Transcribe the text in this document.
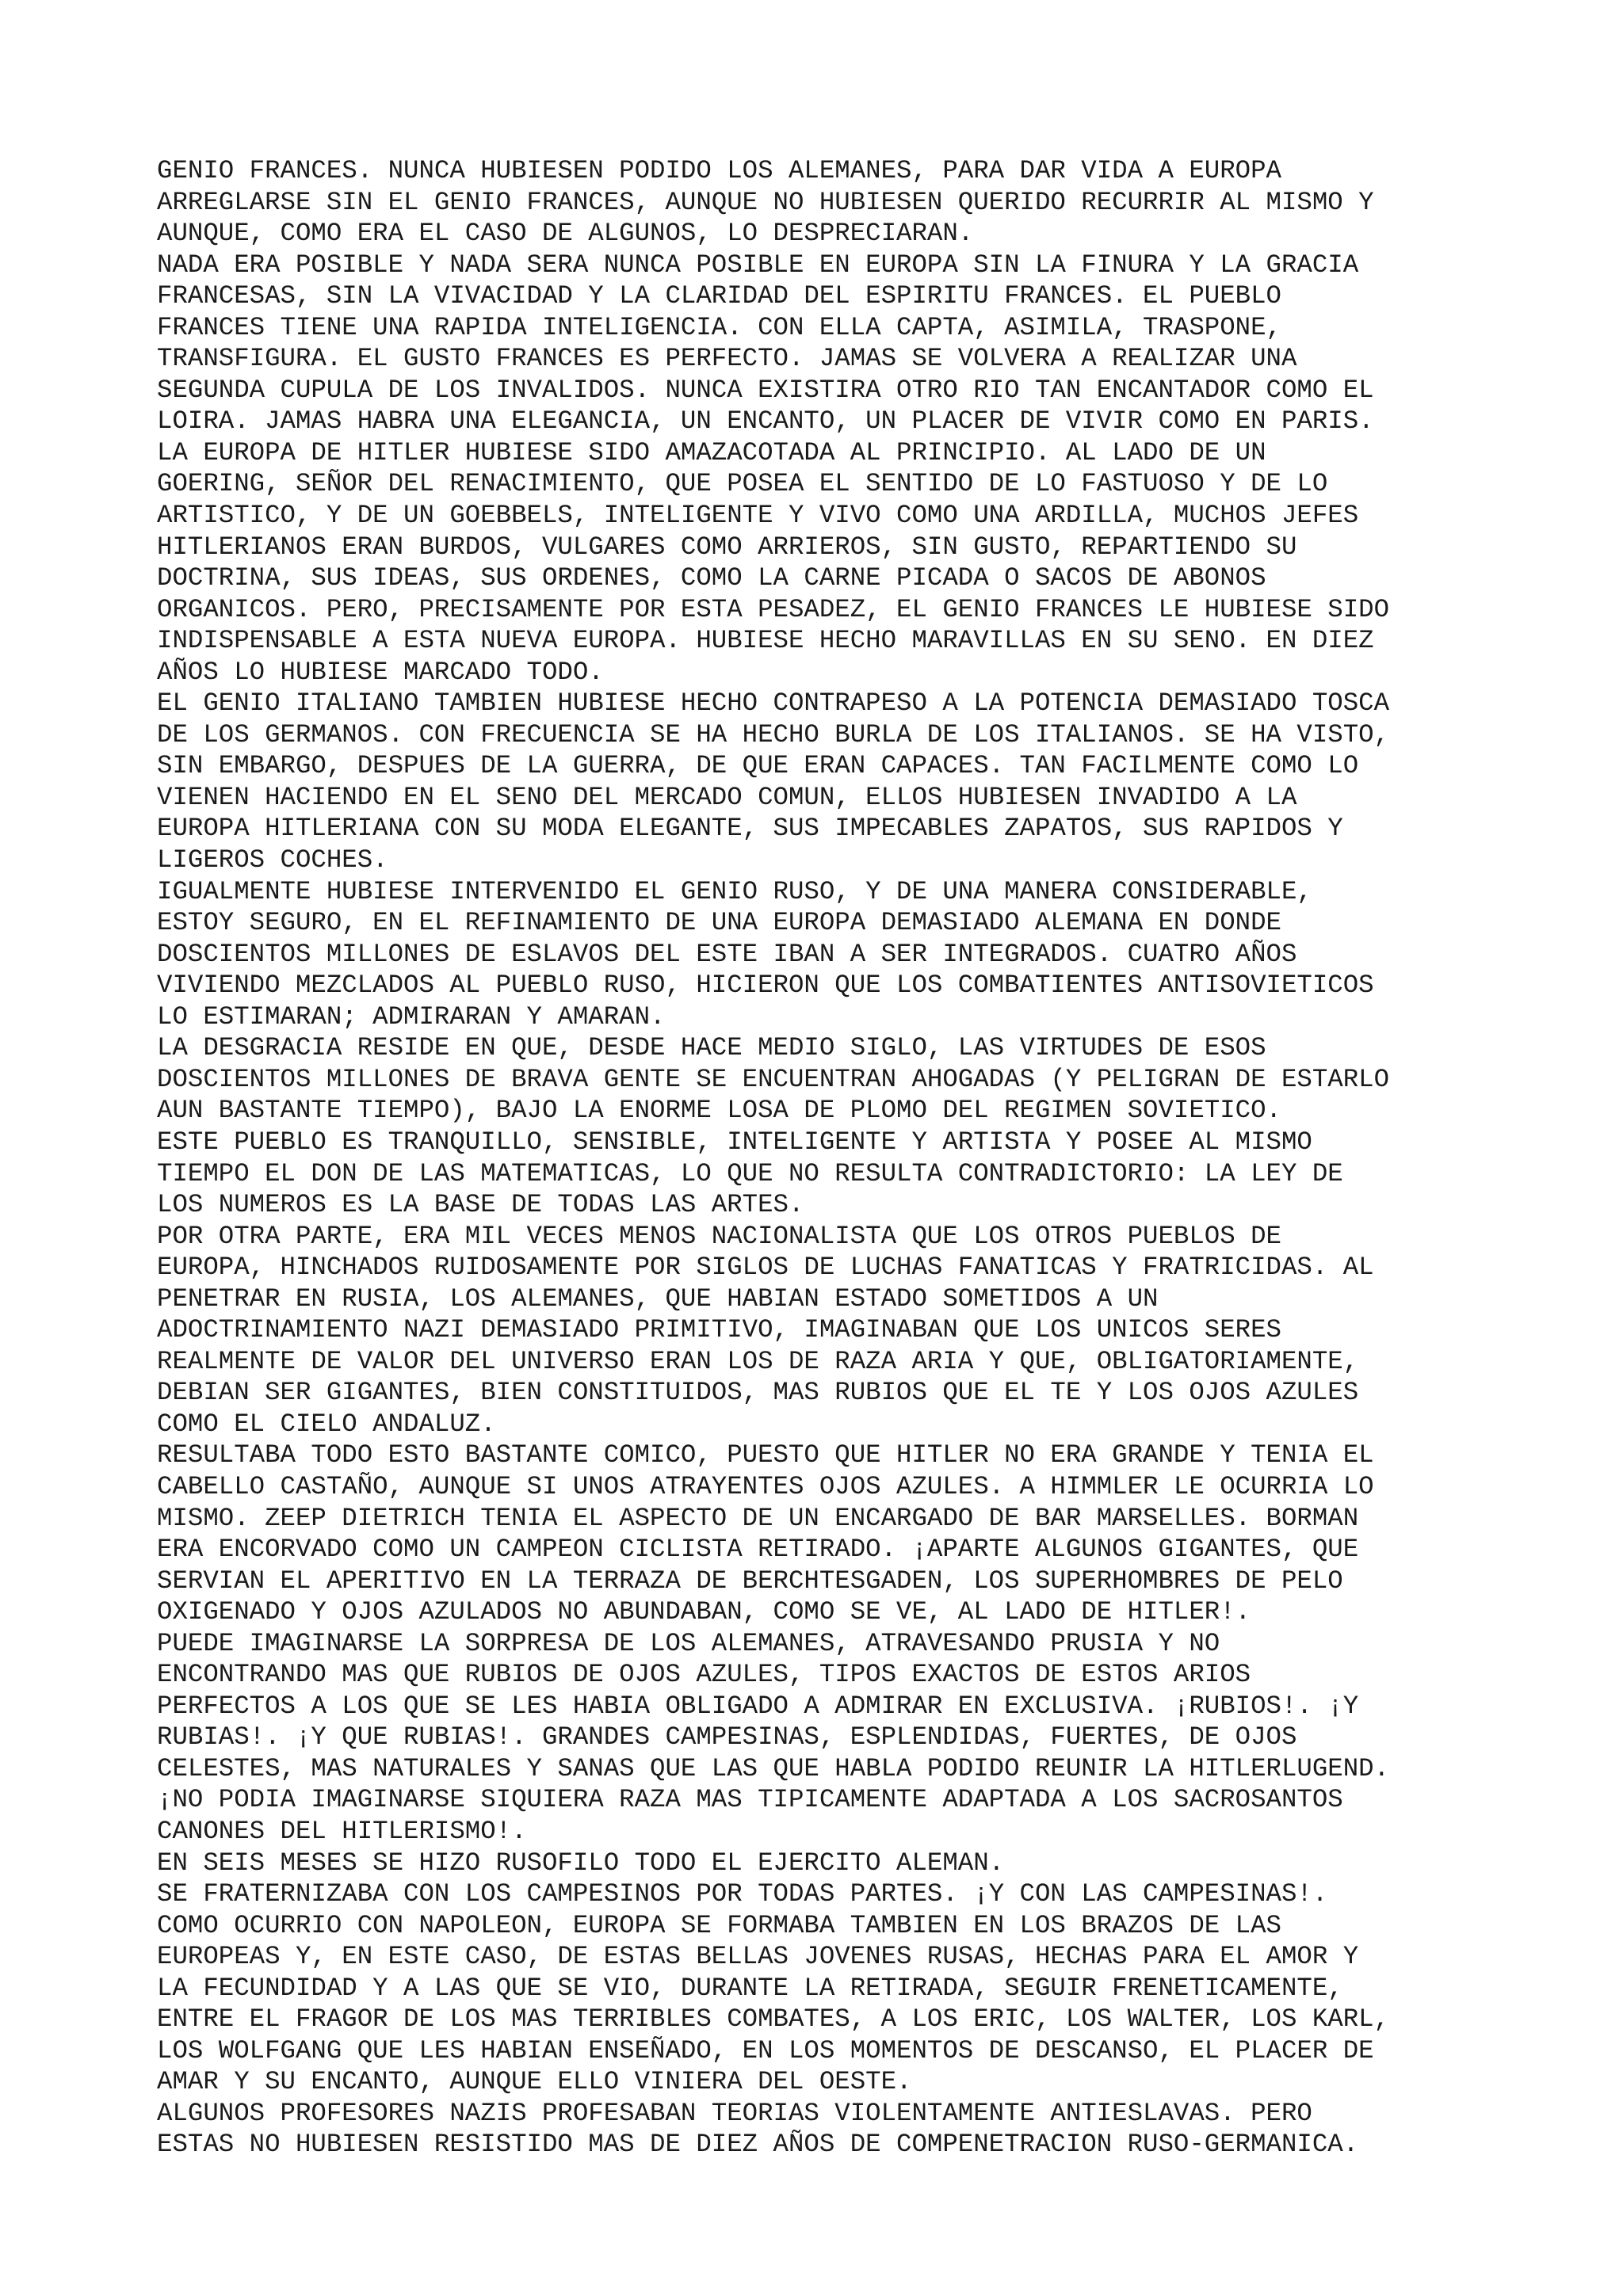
GENIO FRANCES. NUNCA HUBIESEN PODIDO LOS ALEMANES, PARA DAR VIDA A EUROPA
ARREGLARSE SIN EL GENIO FRANCES, AUNQUE NO HUBIESEN QUERIDO RECURRIR AL MISMO Y
AUNQUE, COMO ERA EL CASO DE ALGUNOS, LO DESPRECIARAN.
NADA ERA POSIBLE Y NADA SERA NUNCA POSIBLE EN EUROPA SIN LA FINURA Y LA GRACIA
FRANCESAS, SIN LA VIVACIDAD Y LA CLARIDAD DEL ESPIRITU FRANCES. EL PUEBLO
FRANCES TIENE UNA RAPIDA INTELIGENCIA. CON ELLA CAPTA, ASIMILA, TRASPONE,
TRANSFIGURA. EL GUSTO FRANCES ES PERFECTO. JAMAS SE VOLVERA A REALIZAR UNA
SEGUNDA CUPULA DE LOS INVALIDOS. NUNCA EXISTIRA OTRO RIO TAN ENCANTADOR COMO EL
LOIRA. JAMAS HABRA UNA ELEGANCIA, UN ENCANTO, UN PLACER DE VIVIR COMO EN PARIS.
LA EUROPA DE HITLER HUBIESE SIDO AMAZACOTADA AL PRINCIPIO. AL LADO DE UN
GOERING, SEÑOR DEL RENACIMIENTO, QUE POSEA EL SENTIDO DE LO FASTUOSO Y DE LO
ARTISTICO, Y DE UN GOEBBELS, INTELIGENTE Y VIVO COMO UNA ARDILLA, MUCHOS JEFES
HITLERIANOS ERAN BURDOS, VULGARES COMO ARRIEROS, SIN GUSTO, REPARTIENDO SU
DOCTRINA, SUS IDEAS, SUS ORDENES, COMO LA CARNE PICADA O SACOS DE ABONOS
ORGANICOS. PERO, PRECISAMENTE POR ESTA PESADEZ, EL GENIO FRANCES LE HUBIESE SIDO
INDISPENSABLE A ESTA NUEVA EUROPA. HUBIESE HECHO MARAVILLAS EN SU SENO. EN DIEZ
AÑOS LO HUBIESE MARCADO TODO.
EL GENIO ITALIANO TAMBIEN HUBIESE HECHO CONTRAPESO A LA POTENCIA DEMASIADO TOSCA
DE LOS GERMANOS. CON FRECUENCIA SE HA HECHO BURLA DE LOS ITALIANOS. SE HA VISTO,
SIN EMBARGO, DESPUES DE LA GUERRA, DE QUE ERAN CAPACES. TAN FACILMENTE COMO LO
VIENEN HACIENDO EN EL SENO DEL MERCADO COMUN, ELLOS HUBIESEN INVADIDO A LA
EUROPA HITLERIANA CON SU MODA ELEGANTE, SUS IMPECABLES ZAPATOS, SUS RAPIDOS Y
LIGEROS COCHES.
IGUALMENTE HUBIESE INTERVENIDO EL GENIO RUSO, Y DE UNA MANERA CONSIDERABLE,
ESTOY SEGURO, EN EL REFINAMIENTO DE UNA EUROPA DEMASIADO ALEMANA EN DONDE
DOSCIENTOS MILLONES DE ESLAVOS DEL ESTE IBAN A SER INTEGRADOS. CUATRO AÑOS
VIVIENDO MEZCLADOS AL PUEBLO RUSO, HICIERON QUE LOS COMBATIENTES ANTISOVIETICOS
LO ESTIMARAN; ADMIRARAN Y AMARAN.
LA DESGRACIA RESIDE EN QUE, DESDE HACE MEDIO SIGLO, LAS VIRTUDES DE ESOS
DOSCIENTOS MILLONES DE BRAVA GENTE SE ENCUENTRAN AHOGADAS (Y PELIGRAN DE ESTARLO
AUN BASTANTE TIEMPO), BAJO LA ENORME LOSA DE PLOMO DEL REGIMEN SOVIETICO.
ESTE PUEBLO ES TRANQUILLO, SENSIBLE, INTELIGENTE Y ARTISTA Y POSEE AL MISMO
TIEMPO EL DON DE LAS MATEMATICAS, LO QUE NO RESULTA CONTRADICTORIO: LA LEY DE
LOS NUMEROS ES LA BASE DE TODAS LAS ARTES.
POR OTRA PARTE, ERA MIL VECES MENOS NACIONALISTA QUE LOS OTROS PUEBLOS DE
EUROPA, HINCHADOS RUIDOSAMENTE POR SIGLOS DE LUCHAS FANATICAS Y FRATRICIDAS. AL
PENETRAR EN RUSIA, LOS ALEMANES, QUE HABIAN ESTADO SOMETIDOS A UN
ADOCTRINAMIENTO NAZI DEMASIADO PRIMITIVO, IMAGINABAN QUE LOS UNICOS SERES
REALMENTE DE VALOR DEL UNIVERSO ERAN LOS DE RAZA ARIA Y QUE, OBLIGATORIAMENTE,
DEBIAN SER GIGANTES, BIEN CONSTITUIDOS, MAS RUBIOS QUE EL TE Y LOS OJOS AZULES
COMO EL CIELO ANDALUZ.
RESULTABA TODO ESTO BASTANTE COMICO, PUESTO QUE HITLER NO ERA GRANDE Y TENIA EL
CABELLO CASTAÑO, AUNQUE SI UNOS ATRAYENTES OJOS AZULES. A HIMMLER LE OCURRIA LO
MISMO. ZEEP DIETRICH TENIA EL ASPECTO DE UN ENCARGADO DE BAR MARSELLES. BORMAN
ERA ENCORVADO COMO UN CAMPEON CICLISTA RETIRADO. ¡APARTE ALGUNOS GIGANTES, QUE
SERVIAN EL APERITIVO EN LA TERRAZA DE BERCHTESGADEN, LOS SUPERHOMBRES DE PELO
OXIGENADO Y OJOS AZULADOS NO ABUNDABAN, COMO SE VE, AL LADO DE HITLER!.
PUEDE IMAGINARSE LA SORPRESA DE LOS ALEMANES, ATRAVESANDO PRUSIA Y NO
ENCONTRANDO MAS QUE RUBIOS DE OJOS AZULES, TIPOS EXACTOS DE ESTOS ARIOS
PERFECTOS A LOS QUE SE LES HABIA OBLIGADO A ADMIRAR EN EXCLUSIVA. ¡RUBIOS!. ¡Y
RUBIAS!. ¡Y QUE RUBIAS!. GRANDES CAMPESINAS, ESPLENDIDAS, FUERTES, DE OJOS
CELESTES, MAS NATURALES Y SANAS QUE LAS QUE HABLA PODIDO REUNIR LA HITLERLUGEND.
¡NO PODIA IMAGINARSE SIQUIERA RAZA MAS TIPICAMENTE ADAPTADA A LOS SACROSANTOS
CANONES DEL HITLERISMO!.
EN SEIS MESES SE HIZO RUSOFILO TODO EL EJERCITO ALEMAN.
SE FRATERNIZABA CON LOS CAMPESINOS POR TODAS PARTES. ¡Y CON LAS CAMPESINAS!.
COMO OCURRIO CON NAPOLEON, EUROPA SE FORMABA TAMBIEN EN LOS BRAZOS DE LAS
EUROPEAS Y, EN ESTE CASO, DE ESTAS BELLAS JOVENES RUSAS, HECHAS PARA EL AMOR Y
LA FECUNDIDAD Y A LAS QUE SE VIO, DURANTE LA RETIRADA, SEGUIR FRENETICAMENTE,
ENTRE EL FRAGOR DE LOS MAS TERRIBLES COMBATES, A LOS ERIC, LOS WALTER, LOS KARL,
LOS WOLFGANG QUE LES HABIAN ENSEÑADO, EN LOS MOMENTOS DE DESCANSO, EL PLACER DE
AMAR Y SU ENCANTO, AUNQUE ELLO VINIERA DEL OESTE.
ALGUNOS PROFESORES NAZIS PROFESABAN TEORIAS VIOLENTAMENTE ANTIESLAVAS. PERO
ESTAS NO HUBIESEN RESISTIDO MAS DE DIEZ AÑOS DE COMPENETRACION RUSO-GERMANICA.
